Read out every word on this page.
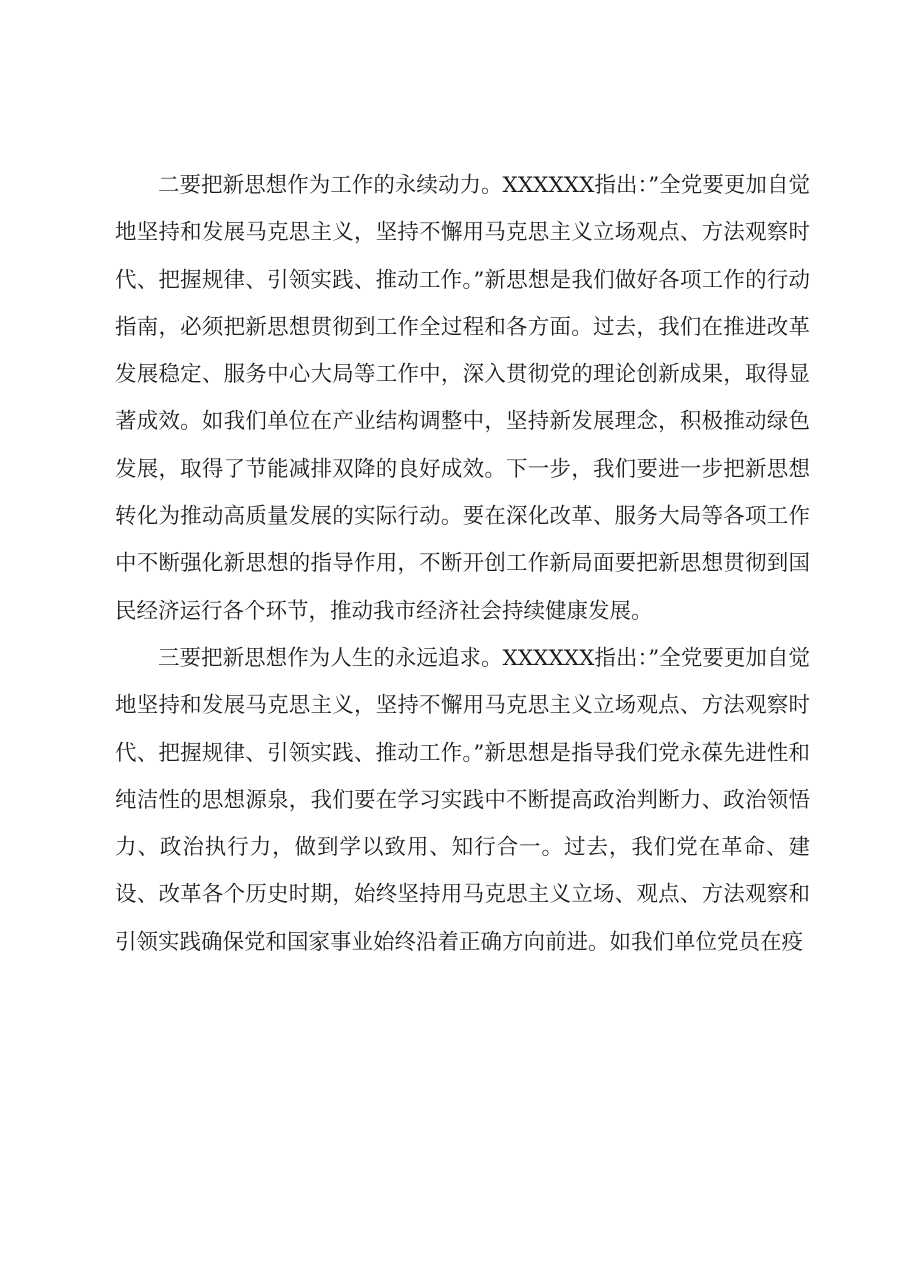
二要把新思想作为工作的永续动力。XXXXXX指出：”全党要更加自觉地坚持和发展马克思主义，坚持不懈用马克思主义立场观点、方法观察时代、把握规律、引领实践、推动工作。”新思想是我们做好各项工作的行动指南，必须把新思想贯彻到工作全过程和各方面。过去，我们在推进改革发展稳定、服务中心大局等工作中，深入贯彻党的理论创新成果，取得显著成效。如我们单位在产业结构调整中，坚持新发展理念，积极推动绿色发展，取得了节能减排双降的良好成效。下一步，我们要进一步把新思想转化为推动高质量发展的实际行动。要在深化改革、服务大局等各项工作中不断强化新思想的指导作用，不断开创工作新局面要把新思想贯彻到国民经济运行各个环节，推动我市经济社会持续健康发展。

三要把新思想作为人生的永远追求。XXXXXX指出：”全党要更加自觉地坚持和发展马克思主义，坚持不懈用马克思主义立场观点、方法观察时代、把握规律、引领实践、推动工作。”新思想是指导我们党永葆先进性和纯洁性的思想源泉，我们要在学习实践中不断提高政治判断力、政治领悟力、政治执行力，做到学以致用、知行合一。过去，我们党在革命、建设、改革各个历史时期，始终坚持用马克思主义立场、观点、方法观察和引领实践确保党和国家事业始终沿着正确方向前进。如我们单位党员在疫
